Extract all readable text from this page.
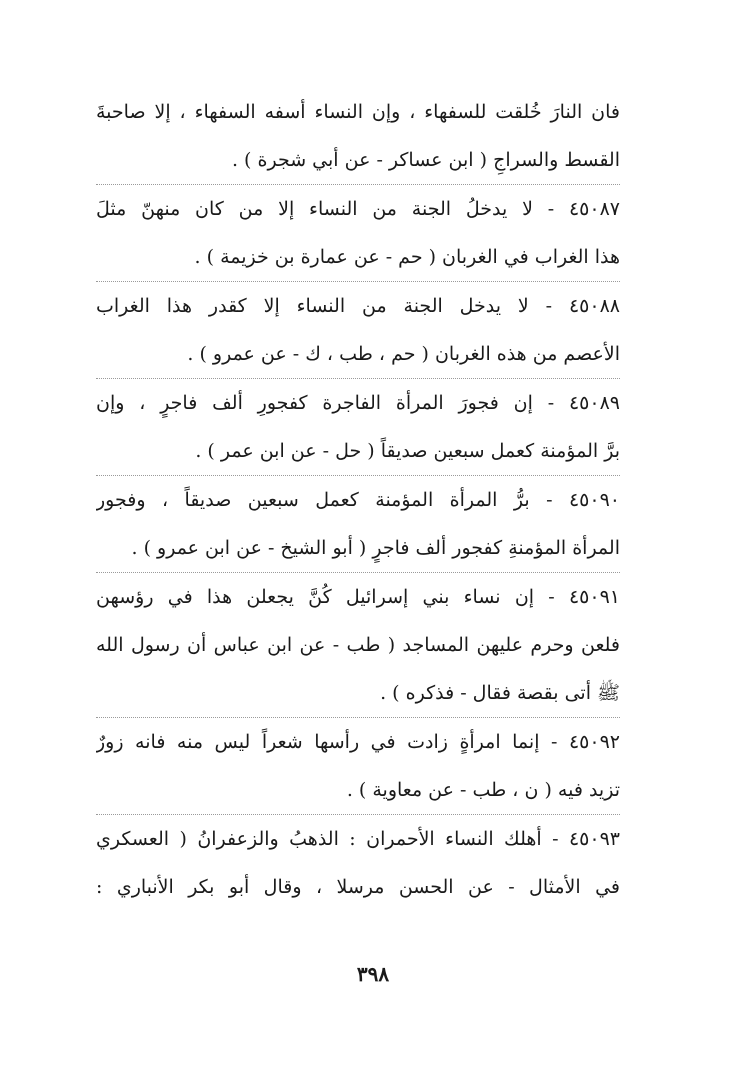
فان النارَ خُلقت للسفهاء ، وإن النساء أسفه السفهاء ، إلا صاحبةَ
القسط والسراجِ ( ابن عساكر - عن أبي شجرة ) .
٤٥٠٨٧ - لا يدخلُ الجنة من النساء إلا من كان منهنّ مثلَ
هذا الغراب في الغربان ( حم - عن عمارة بن خزيمة ) .
٤٥٠٨٨ - لا يدخل الجنة من النساء إلا كقدر هذا الغراب
الأعصم من هذه الغربان ( حم ، طب ، ك - عن عمرو ) .
٤٥٠٨٩ - إن فجورَ المرأة الفاجرة كفجورِ ألف فاجرٍ ، وإن
برَّ المؤمنة كعمل سبعين صديقاً ( حل - عن ابن عمر ) .
٤٥٠٩٠ - برُّ المرأة المؤمنة كعمل سبعين صديقاً ، وفجور
المرأة المؤمنةِ كفجور ألف فاجرٍ ( أبو الشيخ - عن ابن عمرو ) .
٤٥٠٩١ - إن نساء بني إسرائيل كُنَّ يجعلن هذا في رؤسهن
فلعن وحرم عليهن المساجد ( طب - عن ابن عباس أن رسول الله
ﷺ أتى بقصة فقال - فذكره ) .
٤٥٠٩٢ - إنما امرأةٍ زادت في رأسها شعراً ليس منه فانه زورٌ
تزيد فيه ( ن ، طب - عن معاوية ) .
٤٥٠٩٣ - أهلك النساء الأحمران : الذهبُ والزعفرانُ ( العسكري
في الأمثال - عن الحسن مرسلا ، وقال أبو بكر الأنباري :
٣٩٨
